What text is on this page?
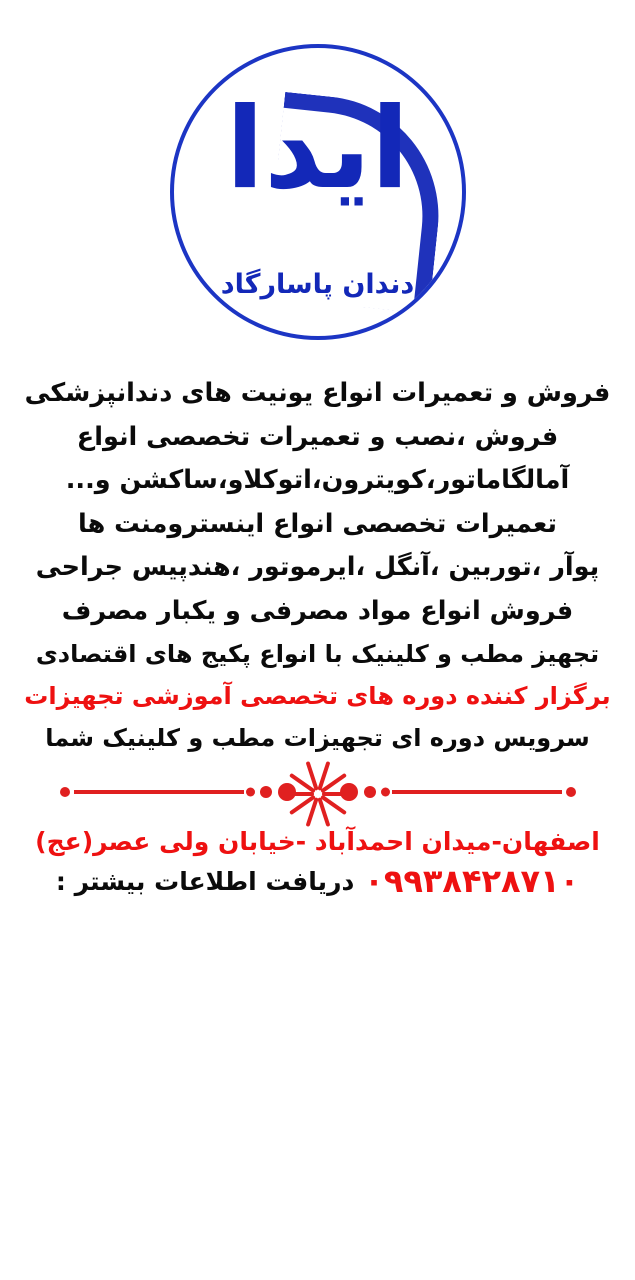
ایدا
دندان پاسارگاد
فروش و تعمیرات انواع یونیت های دندانپزشکی
فروش ،نصب و تعمیرات تخصصی انواع
آمالگاماتور،کویترون،اتوکلاو،ساکشن و...
تعمیرات تخصصی انواع اینسترومنت ها
پوآر ،توربین ،آنگل ،ایرموتور ،هندپیس جراحی
فروش انواع مواد مصرفی و یکبار مصرف
تجهیز مطب و کلینیک با انواع پکیج های اقتصادی
برگزار کننده دوره های تخصصی آموزشی تجهیزات
سرویس دوره ای تجهیزات مطب و کلینیک شما
اصفهان-میدان احمدآباد -خیابان ولی عصر(عج)
۰۹۹۳۸۴۲۸۷۱۰
دریافت اطلاعات بیشتر :
